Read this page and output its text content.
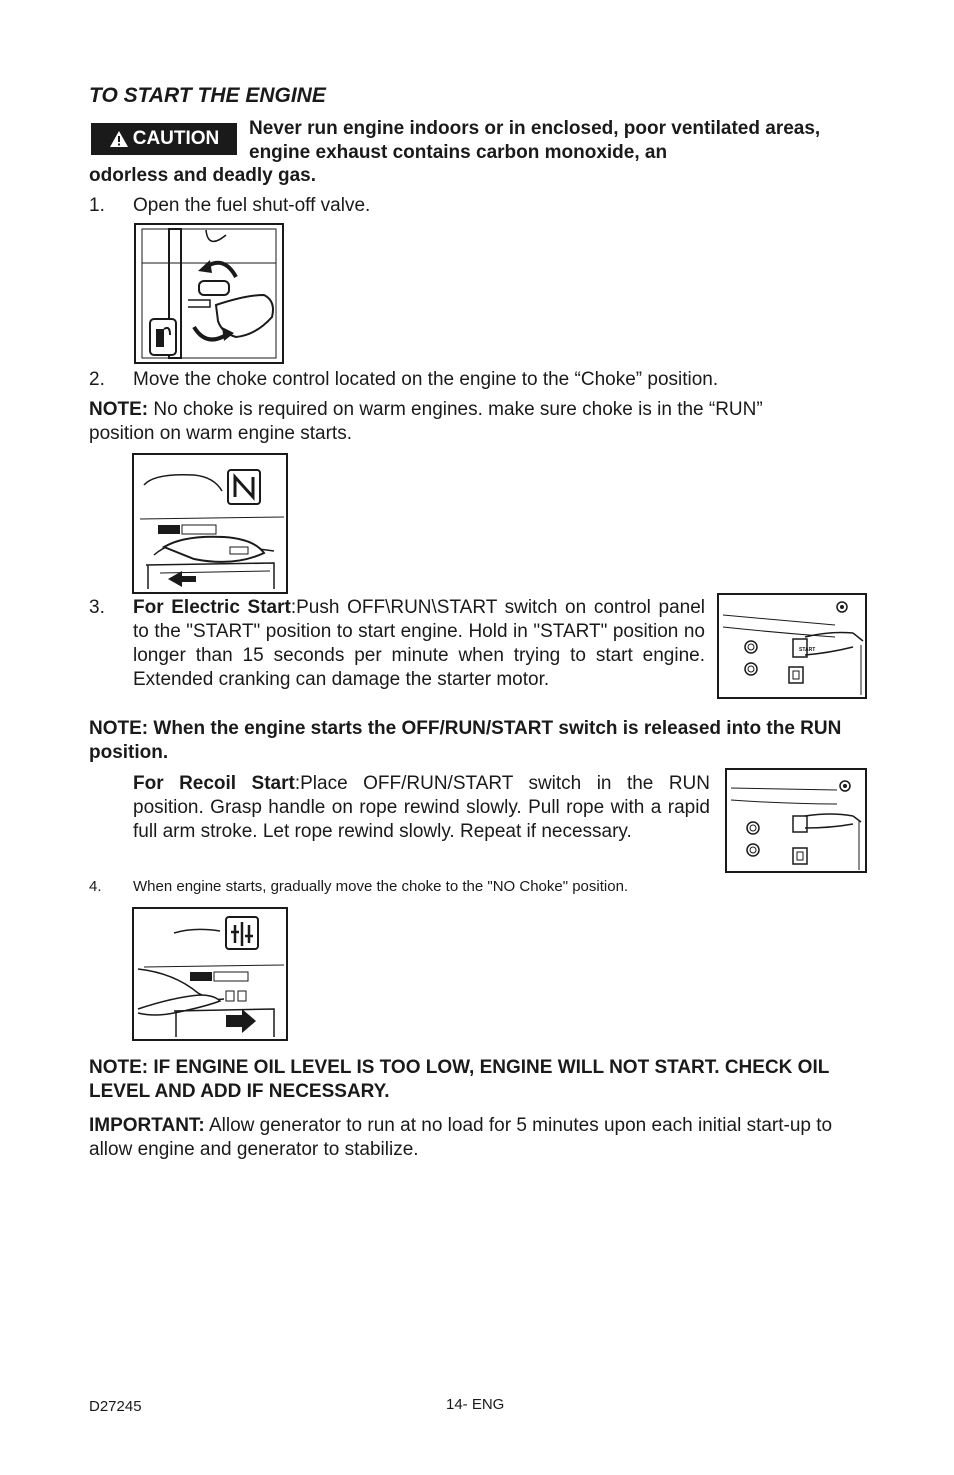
TO START THE ENGINE
CAUTION Never run engine indoors or in enclosed, poor ventilated areas, engine exhaust contains carbon monoxide, an
odorless and deadly gas.
1. Open the fuel shut-off valve.
2. Move the choke control located on the engine to the “Choke” position.
NOTE: No choke is required on warm engines. make sure choke is in the “RUN” position on warm engine starts.
3. For Electric Start:Push OFF\RUN\START switch on control panel to the "START" position to start engine. Hold in "START" position no longer than 15 seconds per minute when trying to start engine. Extended cranking can damage the starter motor.
START
NOTE: When the engine starts the OFF/RUN/START switch is released into the RUN position.
For Recoil Start:Place OFF/RUN/START switch in the RUN position. Grasp handle on rope rewind slowly. Pull rope with a rapid full arm stroke. Let rope rewind slowly. Repeat if necessary.
4. When engine starts, gradually move the choke to the "NO Choke" position.
NOTE: IF ENGINE OIL LEVEL IS TOO LOW, ENGINE WILL NOT START. CHECK OIL LEVEL AND ADD IF NECESSARY.
IMPORTANT: Allow generator to run at no load for 5 minutes upon each initial start-up to allow engine and generator to stabilize.
D27245	14- ENG
